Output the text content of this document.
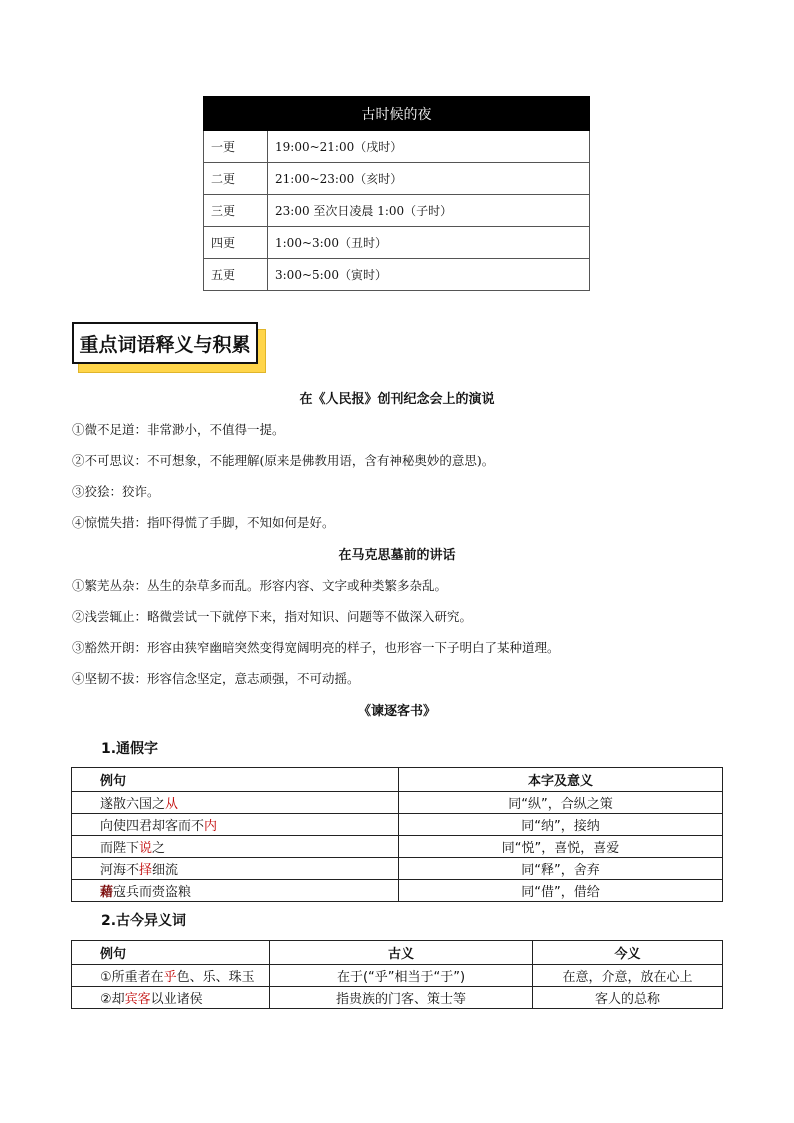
古时候的夜	
一更	19:00~21:00（戌时）
二更	21:00~23:00（亥时）
三更	23:00 至次日凌晨 1:00（子时）
四更	1:00~3:00（丑时）
五更	3:00~5:00（寅时）
重点词语释义与积累
在《人民报》创刊纪念会上的演说
①微不足道：非常渺小，不值得一提。
②不可思议：不可想象，不能理解(原来是佛教用语，含有神秘奥妙的意思)。
③狡狯：狡诈。
④惊慌失措：指吓得慌了手脚，不知如何是好。
在马克思墓前的讲话
①繁芜丛杂：丛生的杂草多而乱。形容内容、文字或种类繁多杂乱。
②浅尝辄止：略微尝试一下就停下来，指对知识、问题等不做深入研究。
③豁然开朗：形容由狭窄幽暗突然变得宽阔明亮的样子，也形容一下子明白了某种道理。
④坚韧不拔：形容信念坚定，意志顽强，不可动摇。
《谏逐客书》
1.通假字
例句	本字及意义
遂散六国之从	同“纵”，合纵之策
向使四君却客而不内	同“纳”，接纳
而陛下说之	同“悦”，喜悦，喜爱
河海不择细流	同“释”，舍弃
藉寇兵而赍盗粮	同“借”，借给
2.古今异义词
例句	古义	今义
①所重者在乎色、乐、珠玉	在于(“乎”相当于“于”)	在意，介意，放在心上
②却宾客以业诸侯	指贵族的门客、策士等	客人的总称
